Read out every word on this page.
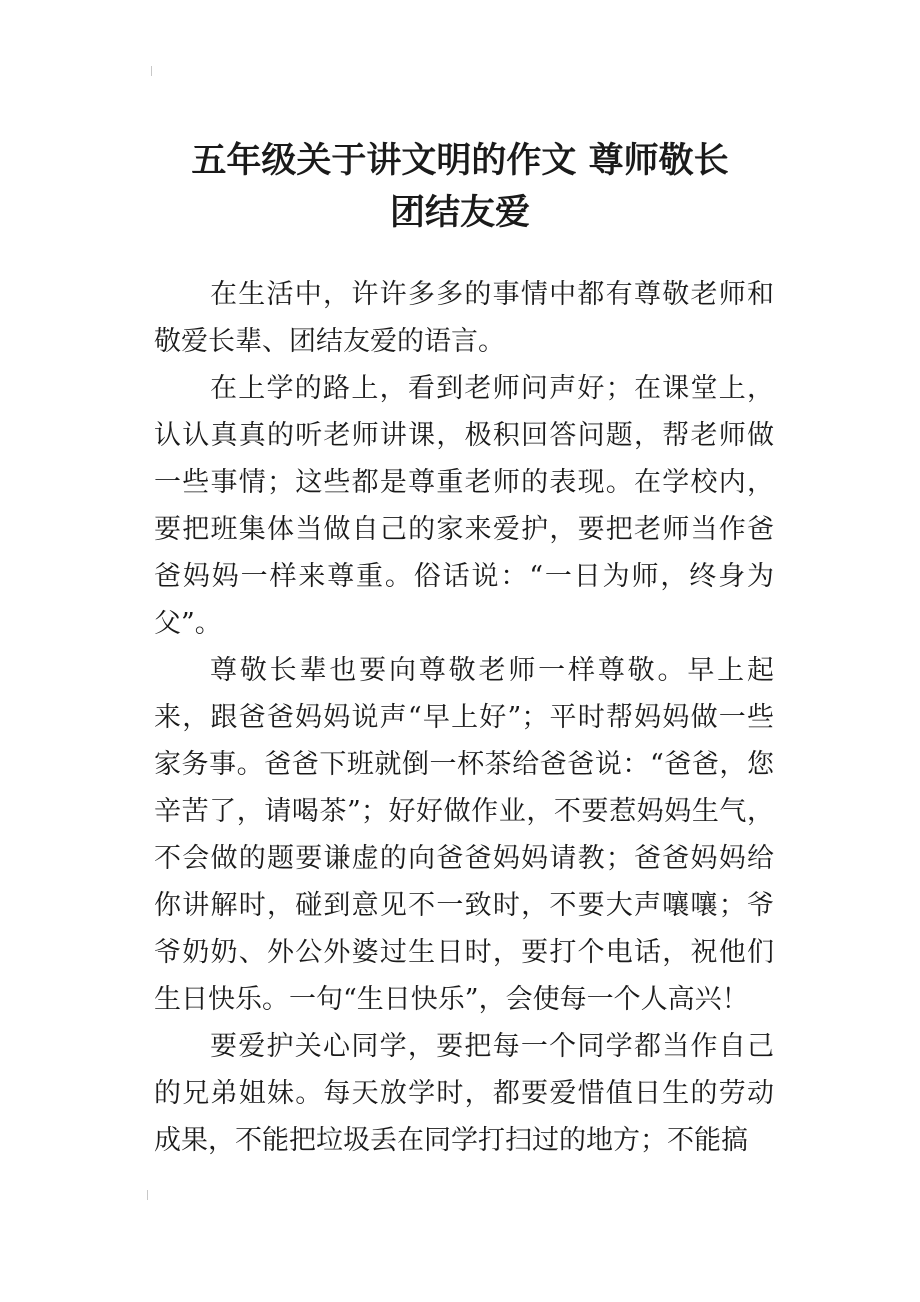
五年级关于讲文明的作文 尊师敬长
团结友爱

在生活中，许许多多的事情中都有尊敬老师和敬爱长辈、团结友爱的语言。

在上学的路上，看到老师问声好；在课堂上，认认真真的听老师讲课，极积回答问题，帮老师做一些事情；这些都是尊重老师的表现。在学校内，要把班集体当做自己的家来爱护，要把老师当作爸爸妈妈一样来尊重。俗话说：“一日为师，终身为父”。

尊敬长辈也要向尊敬老师一样尊敬。早上起来，跟爸爸妈妈说声“早上好”；平时帮妈妈做一些家务事。爸爸下班就倒一杯茶给爸爸说：“爸爸，您辛苦了，请喝茶”；好好做作业，不要惹妈妈生气，不会做的题要谦虚的向爸爸妈妈请教；爸爸妈妈给你讲解时，碰到意见不一致时，不要大声嚷嚷；爷爷奶奶、外公外婆过生日时，要打个电话，祝他们生日快乐。一句“生日快乐”，会使每一个人高兴！

要爱护关心同学，要把每一个同学都当作自己的兄弟姐妹。每天放学时，都要爱惜值日生的劳动成果，不能把垃圾丢在同学打扫过的地方；不能搞
